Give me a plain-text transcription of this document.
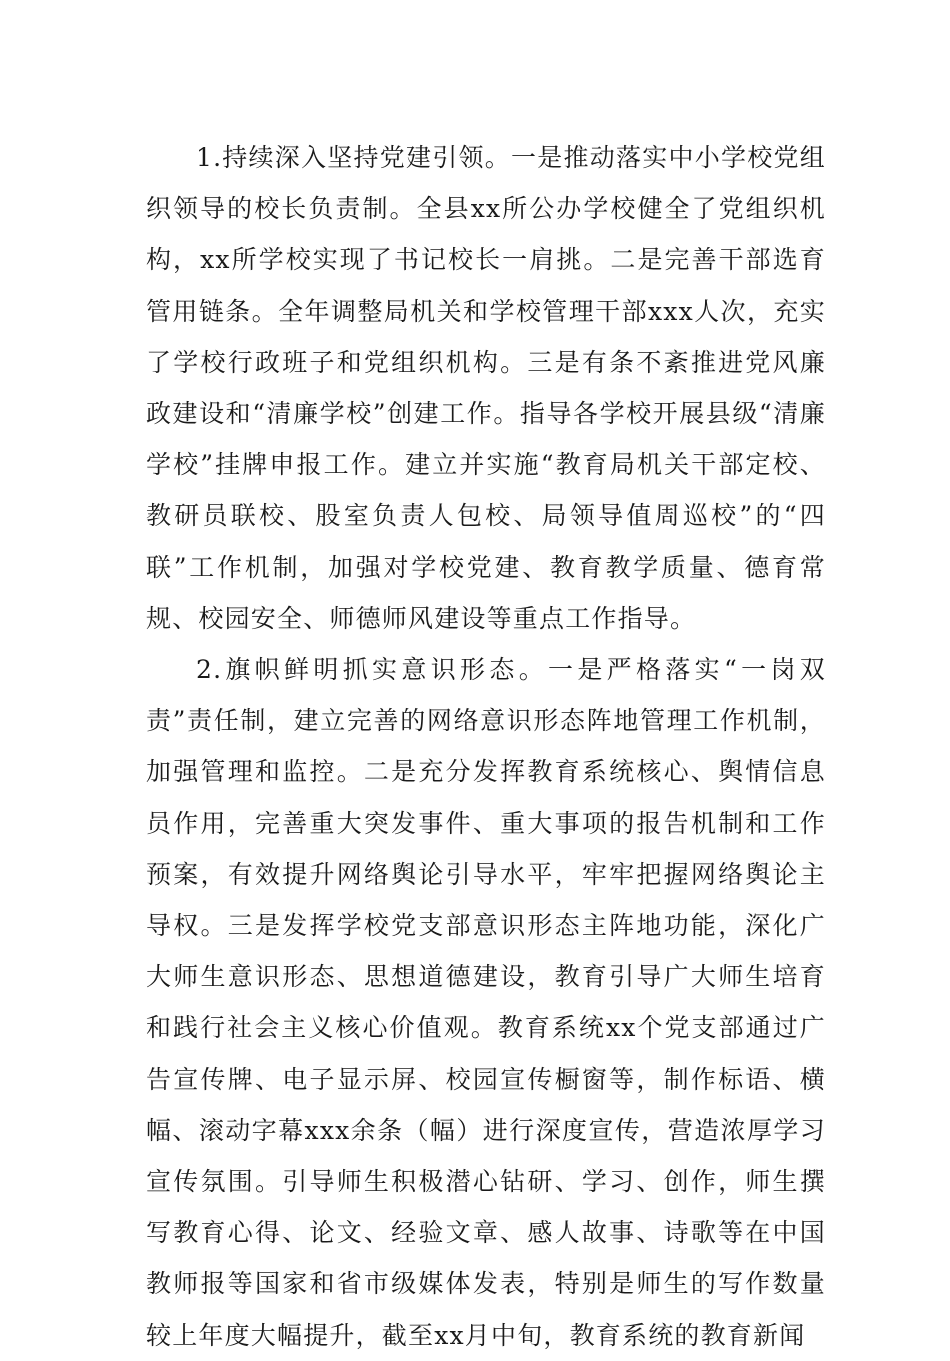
1.持续深入坚持党建引领。一是推动落实中小学校党组织领导的校长负责制。全县xx所公办学校健全了党组织机构，xx所学校实现了书记校长一肩挑。二是完善干部选育管用链条。全年调整局机关和学校管理干部xxx人次，充实了学校行政班子和党组织机构。三是有条不紊推进党风廉政建设和“清廉学校”创建工作。指导各学校开展县级“清廉学校”挂牌申报工作。建立并实施“教育局机关干部定校、教研员联校、股室负责人包校、局领导值周巡校”的“四联”工作机制，加强对学校党建、教育教学质量、德育常规、校园安全、师德师风建设等重点工作指导。

2.旗帜鲜明抓实意识形态。一是严格落实“一岗双责”责任制，建立完善的网络意识形态阵地管理工作机制，加强管理和监控。二是充分发挥教育系统核心、舆情信息员作用，完善重大突发事件、重大事项的报告机制和工作预案，有效提升网络舆论引导水平，牢牢把握网络舆论主导权。三是发挥学校党支部意识形态主阵地功能，深化广大师生意识形态、思想道德建设，教育引导广大师生培育和践行社会主义核心价值观。教育系统xx个党支部通过广告宣传牌、电子显示屏、校园宣传橱窗等，制作标语、横幅、滚动字幕xxx余条（幅）进行深度宣传，营造浓厚学习宣传氛围。引导师生积极潜心钻研、学习、创作，师生撰写教育心得、论文、经验文章、感人故事、诗歌等在中国教师报等国家和省市级媒体发表，特别是师生的写作数量较上年度大幅提升，截至xx月中旬，教育系统的教育新闻
